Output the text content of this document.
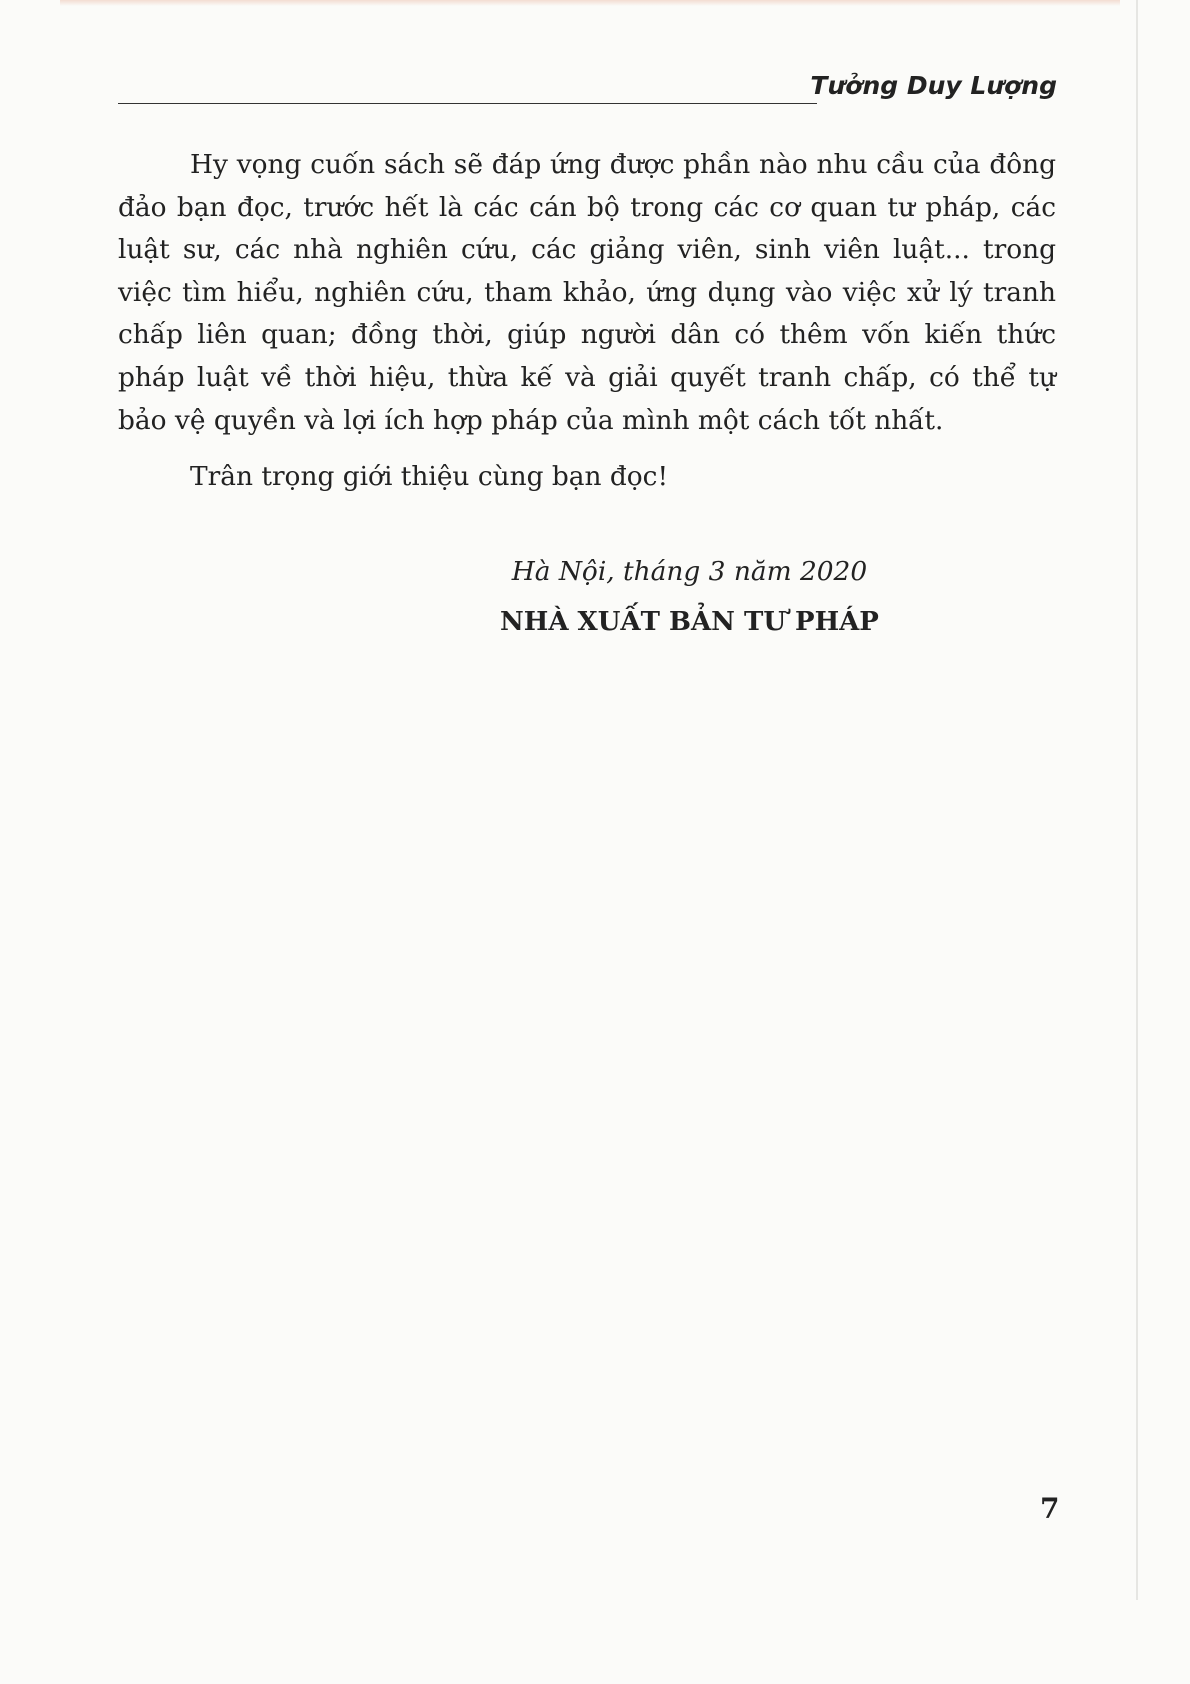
Tưởng Duy Lượng

Hy vọng cuốn sách sẽ đáp ứng được phần nào nhu cầu của đông đảo bạn đọc, trước hết là các cán bộ trong các cơ quan tư pháp, các luật sư, các nhà nghiên cứu, các giảng viên, sinh viên luật... trong việc tìm hiểu, nghiên cứu, tham khảo, ứng dụng vào việc xử lý tranh chấp liên quan; đồng thời, giúp người dân có thêm vốn kiến thức pháp luật về thời hiệu, thừa kế và giải quyết tranh chấp, có thể tự bảo vệ quyền và lợi ích hợp pháp của mình một cách tốt nhất.

Trân trọng giới thiệu cùng bạn đọc!

Hà Nội, tháng 3 năm 2020
NHÀ XUẤT BẢN TƯ PHÁP
7
